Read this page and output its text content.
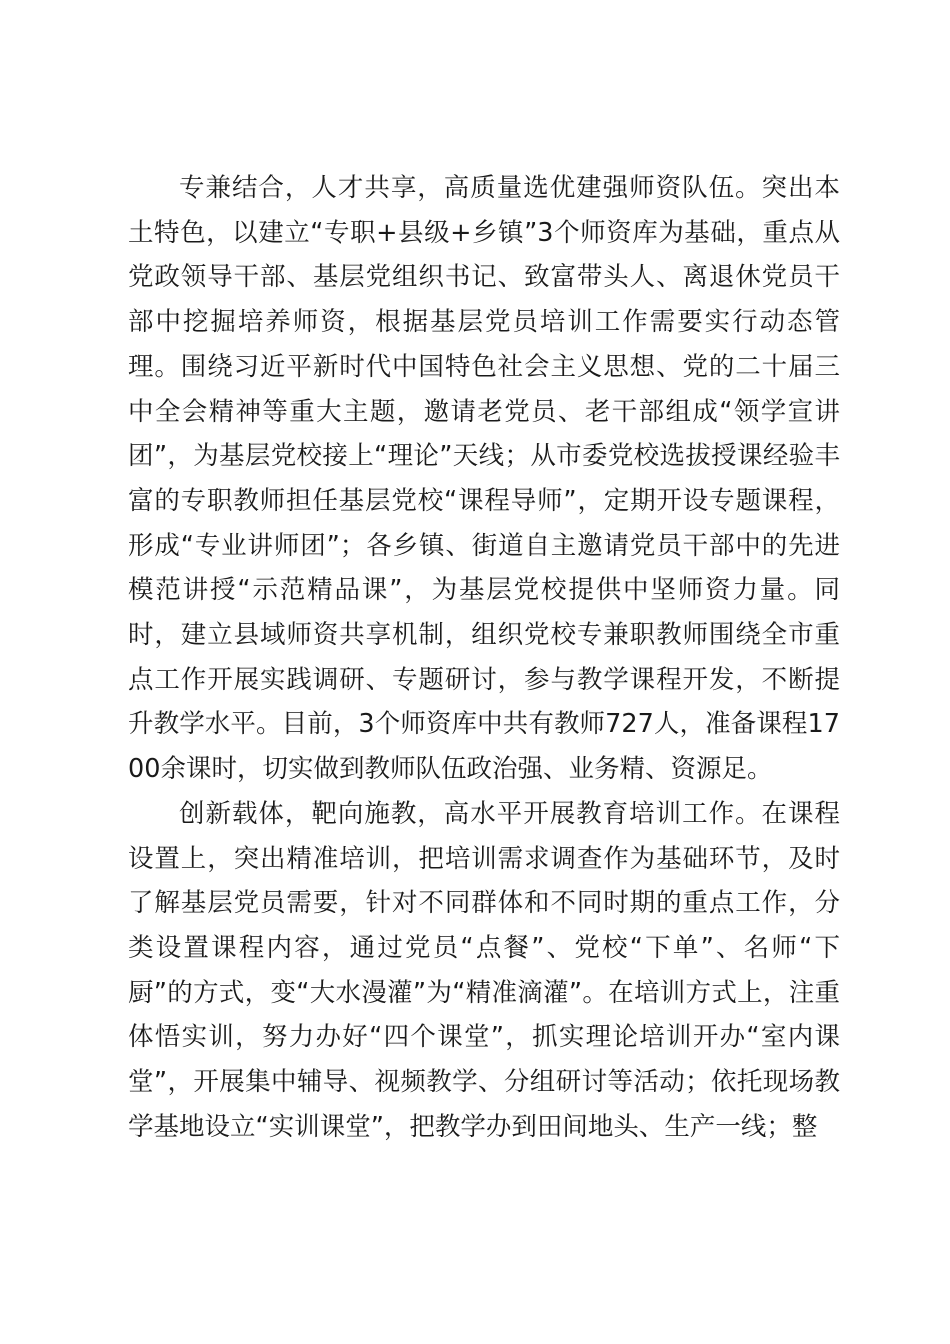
专兼结合，人才共享，高质量选优建强师资队伍。突出本土特色，以建立“专职+县级+乡镇”3个师资库为基础，重点从党政领导干部、基层党组织书记、致富带头人、离退休党员干部中挖掘培养师资，根据基层党员培训工作需要实行动态管理。围绕习近平新时代中国特色社会主义思想、党的二十届三中全会精神等重大主题，邀请老党员、老干部组成“领学宣讲团”，为基层党校接上“理论”天线；从市委党校选拔授课经验丰富的专职教师担任基层党校“课程导师”，定期开设专题课程，形成“专业讲师团”；各乡镇、街道自主邀请党员干部中的先进模范讲授“示范精品课”，为基层党校提供中坚师资力量。同时，建立县域师资共享机制，组织党校专兼职教师围绕全市重点工作开展实践调研、专题研讨，参与教学课程开发，不断提升教学水平。目前，3个师资库中共有教师727人，准备课程1700余课时，切实做到教师队伍政治强、业务精、资源足。

创新载体，靶向施教，高水平开展教育培训工作。在课程设置上，突出精准培训，把培训需求调查作为基础环节，及时了解基层党员需要，针对不同群体和不同时期的重点工作，分类设置课程内容，通过党员“点餐”、党校“下单”、名师“下厨”的方式，变“大水漫灌”为“精准滴灌”。在培训方式上，注重体悟实训，努力办好“四个课堂”，抓实理论培训开办“室内课堂”，开展集中辅导、视频教学、分组研讨等活动；依托现场教学基地设立“实训课堂”，把教学办到田间地头、生产一线；整
